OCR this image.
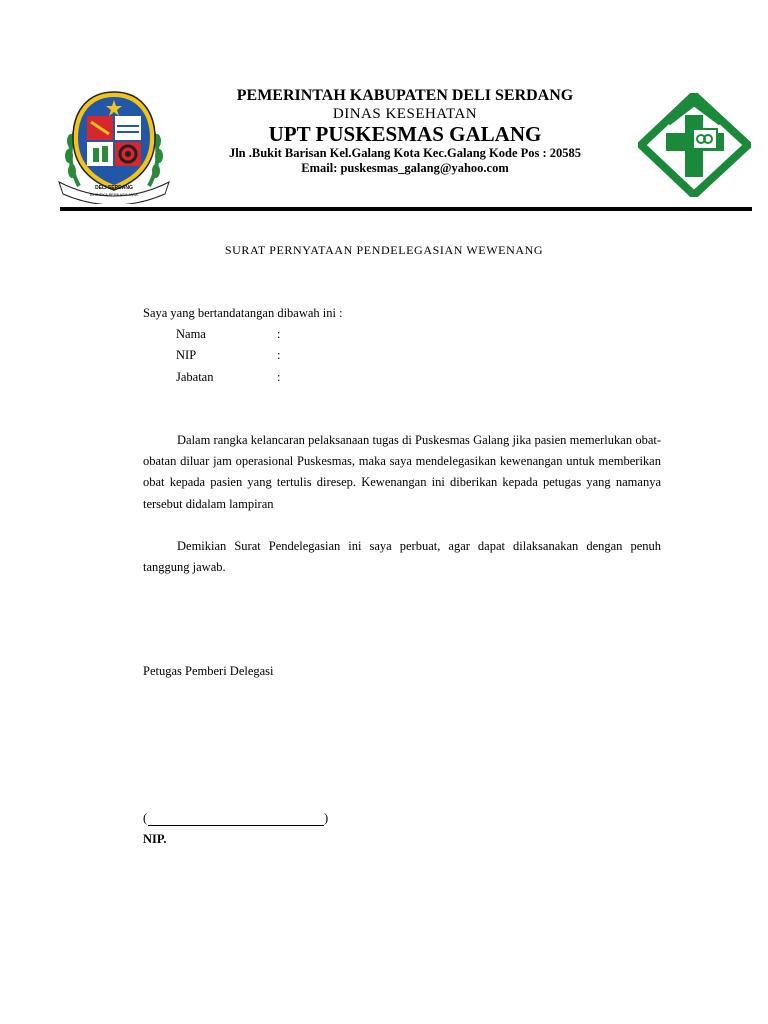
DELI SERDANG
BHINEKA PERKASA JAYA
PEMERINTAH KABUPATEN DELI SERDANG
DINAS KESEHATAN
UPT PUSKESMAS GALANG
Jln .Bukit Barisan Kel.Galang Kota Kec.Galang Kode Pos : 20585
Email: puskesmas_galang@yahoo.com
SURAT PERNYATAAN PENDELEGASIAN WEWENANG
Saya yang bertandatangan dibawah ini :
Nama	:
NIP	:
Jabatan	:
Dalam rangka kelancaran pelaksanaan tugas di Puskesmas Galang jika pasien memerlukan obat-obatan diluar jam operasional Puskesmas, maka saya mendelegasikan kewenangan untuk memberikan obat kepada pasien yang tertulis diresep. Kewenangan ini diberikan kepada petugas yang namanya tersebut didalam lampiran
Demikian Surat Pendelegasian ini saya perbuat, agar dapat dilaksanakan dengan penuh tanggung jawab.
Petugas Pemberi Delegasi
(	)
NIP.
